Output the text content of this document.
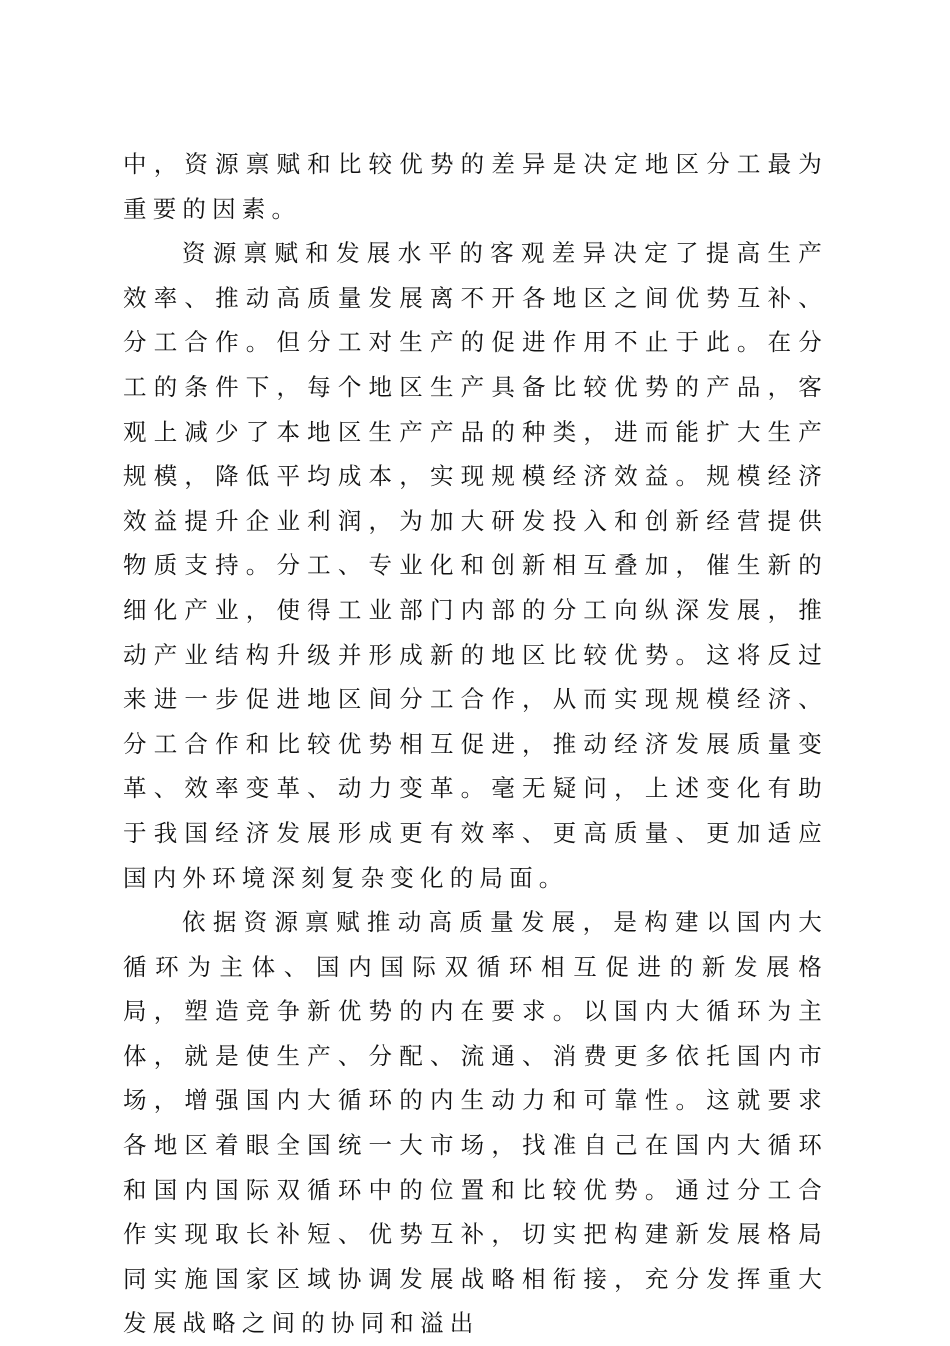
中，资源禀赋和比较优势的差异是决定地区分工最为重要的因素。

资源禀赋和发展水平的客观差异决定了提高生产效率、推动高质量发展离不开各地区之间优势互补、分工合作。但分工对生产的促进作用不止于此。在分工的条件下，每个地区生产具备比较优势的产品，客观上减少了本地区生产产品的种类，进而能扩大生产规模，降低平均成本，实现规模经济效益。规模经济效益提升企业利润，为加大研发投入和创新经营提供物质支持。分工、专业化和创新相互叠加，催生新的细化产业，使得工业部门内部的分工向纵深发展，推动产业结构升级并形成新的地区比较优势。这将反过来进一步促进地区间分工合作，从而实现规模经济、分工合作和比较优势相互促进，推动经济发展质量变革、效率变革、动力变革。毫无疑问，上述变化有助于我国经济发展形成更有效率、更高质量、更加适应国内外环境深刻复杂变化的局面。

依据资源禀赋推动高质量发展，是构建以国内大循环为主体、国内国际双循环相互促进的新发展格局，塑造竞争新优势的内在要求。以国内大循环为主体，就是使生产、分配、流通、消费更多依托国内市场，增强国内大循环的内生动力和可靠性。这就要求各地区着眼全国统一大市场，找准自己在国内大循环和国内国际双循环中的位置和比较优势。通过分工合作实现取长补短、优势互补，切实把构建新发展格局同实施国家区域协调发展战略相衔接，充分发挥重大发展战略之间的协同和溢出
